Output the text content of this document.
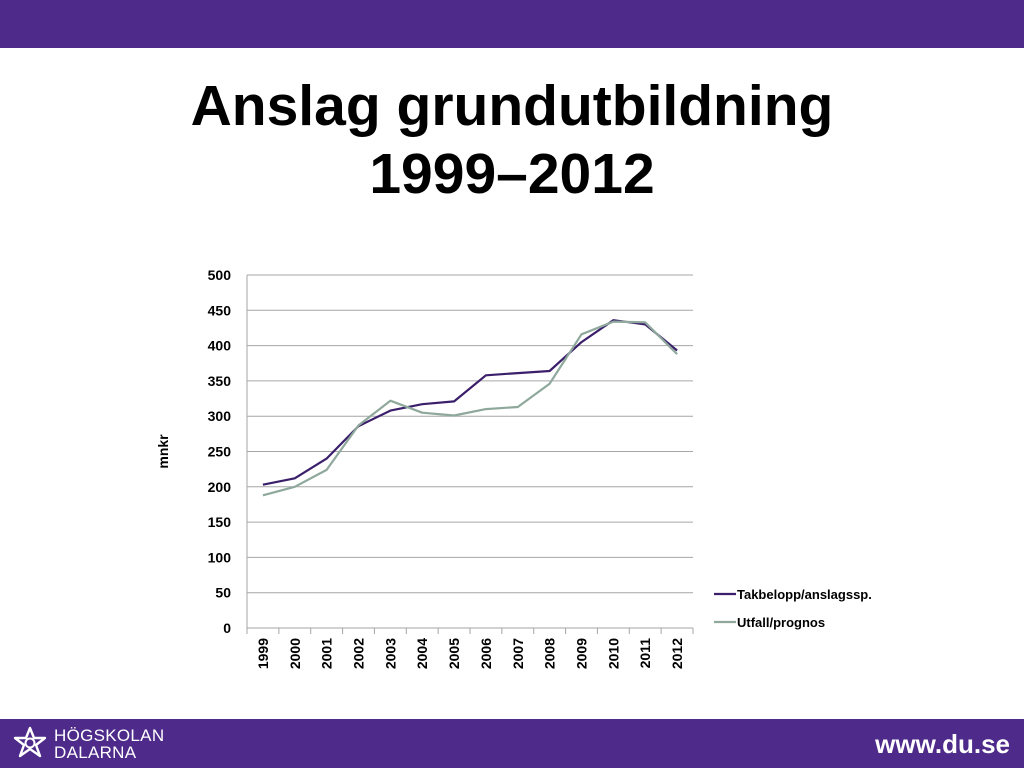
Anslag grundutbildning
1999–2012
0
50
100
150
200
250
300
350
400
450
500
1999 2000 2001 2002 2003 2004 2005 2006 2007 2008 2009 2010 2011 2012
mnkr
Takbelopp/anslagssp.
Utfall/prognos
HÖGSKOLAN
DALARNA	www.du.se
